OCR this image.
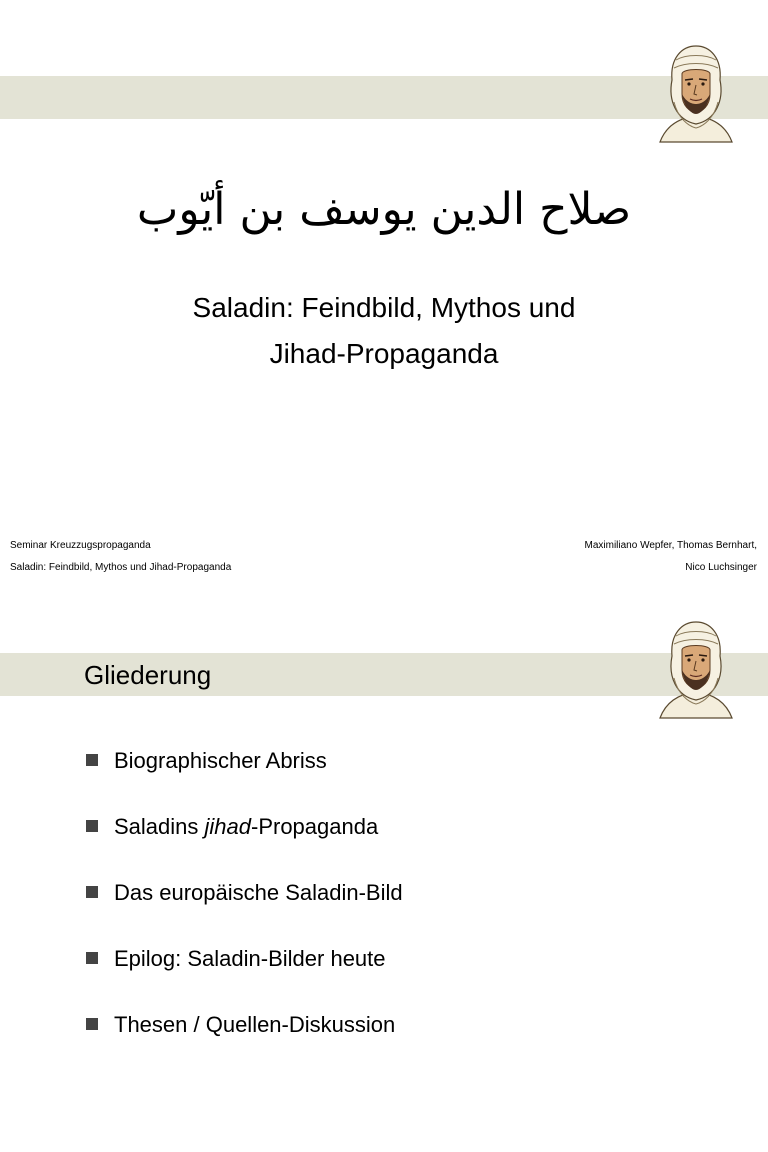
صلاح الدين يوسف بن أيّوب
Saladin: Feindbild, Mythos und
Jihad-Propaganda
Seminar Kreuzzugspropaganda
Saladin: Feindbild, Mythos und Jihad-Propaganda
Maximiliano Wepfer, Thomas Bernhart,
Nico Luchsinger
Gliederung
Biographischer Abriss
Saladins jihad-Propaganda
Das europäische Saladin-Bild
Epilog: Saladin-Bilder heute
Thesen / Quellen-Diskussion
